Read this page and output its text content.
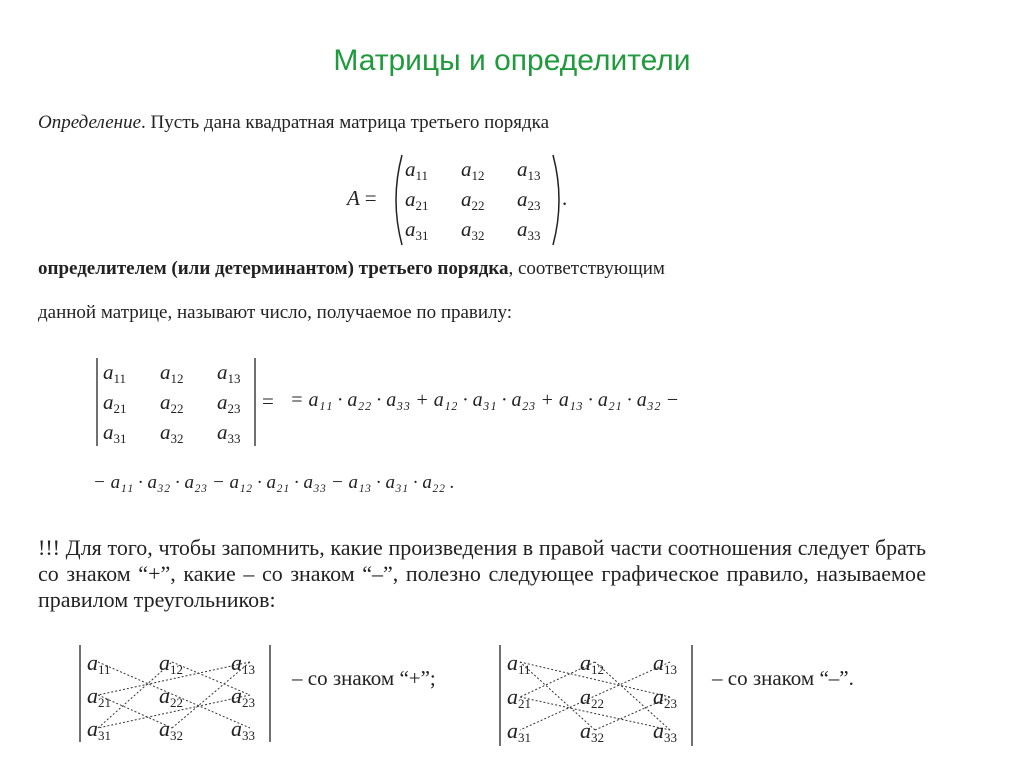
Матрицы и определители
Определение. Пусть дана квадратная матрица третьего порядка
A =
$a_{11}$	$a_{12}$	$a_{13}$
$a_{21}$	$a_{22}$	$a_{23}$
$a_{31}$	$a_{32}$	$a_{33}$
.
определителем (или детерминантом) третьего порядка, соответствующим
данной матрице, называют число, получаемое по правилу:
$a_{11}$	$a_{12}$	$a_{13}$
$a_{21}$	$a_{22}$	$a_{23}$
$a_{31}$	$a_{32}$	$a_{33}$
= = a₁₁ · a₂₂ · a₃₃ + a₁₂ · a₃₁ · a₂₃ + a₁₃ · a₂₁ · a₃₂ −
− a₁₁ · a₃₂ · a₂₃ − a₁₂ · a₂₁ · a₃₃ − a₁₃ · a₃₁ · a₂₂ .
!!! Для того, чтобы запомнить, какие произведения в правой части соотношения следует брать со знаком “+”, какие – со знаком “–”, полезно следующее графическое правило, называемое правилом треугольников:
$a_{11}$	$a_{12}$	$a_{13}$
$a_{21}$	$a_{22}$	$a_{23}$
$a_{31}$	$a_{32}$	$a_{33}$
– со знаком “+”;
$a_{11}$	$a_{12}$	$a_{13}$
$a_{21}$	$a_{22}$	$a_{23}$
$a_{31}$	$a_{32}$	$a_{33}$
– со знаком “–”.
